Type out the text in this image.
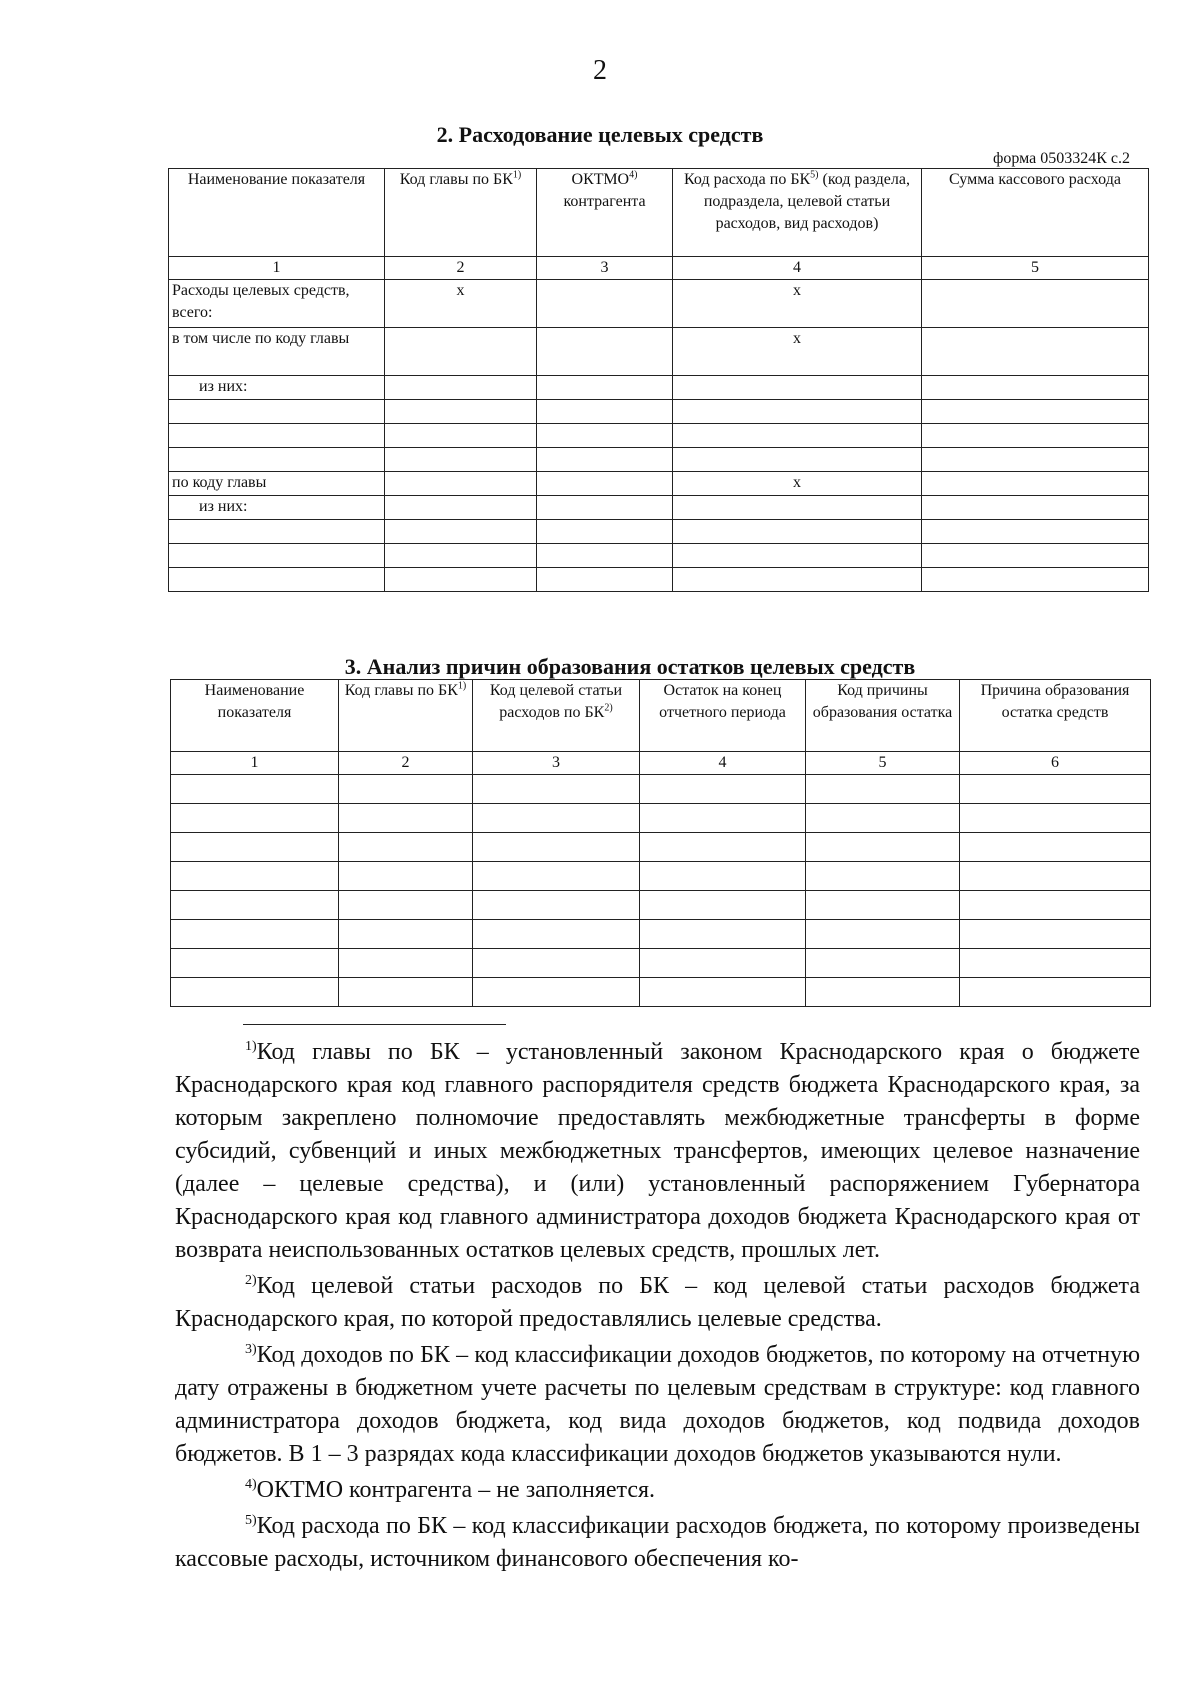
2
2. Расходование целевых средств
форма 0503324К с.2
Наименование показателя	Код главы по БК$^{1)}$	ОКТМО$^{4)}$ контрагента	Код расхода по БК$^{5)}$ (код раздела, подраздела, целевой статьи расходов, вид расходов)	Сумма кассового расхода
1	2	3	4	5
Расходы целевых средств, всего:	x		x	
в том числе по коду главы			x	
из них:				

по коду главы			x	
из них:				

3. Анализ причин образования остатков целевых средств
Наименование показателя	Код главы по БК$^{1)}$	Код целевой статьи расходов по БК$^{2)}$	Остаток на конец отчетного периода	Код причины образования остатка	Причина образования остатка средств
1	2	3	4	5	6

$^{1)}$Код главы по БК – установленный законом Краснодарского края о бюджете Краснодарского края код главного распорядителя средств бюджета Краснодарского края, за которым закреплено полномочие предоставлять межбюджетные трансферты в форме субсидий, субвенций и иных межбюджетных трансфертов, имеющих целевое назначение (далее – целевые средства), и (или) установленный распоряжением Губернатора Краснодарского края код главного администратора доходов бюджета Краснодарского края от возврата неиспользованных остатков целевых средств, прошлых лет.

$^{2)}$Код целевой статьи расходов по БК – код целевой статьи расходов бюджета Краснодарского края, по которой предоставлялись целевые средства.

$^{3)}$Код доходов по БК – код классификации доходов бюджетов, по которому на отчетную дату отражены в бюджетном учете расчеты по целевым средствам в структуре: код главного администратора доходов бюджета, код вида доходов бюджетов, код подвида доходов бюджетов. В 1 – 3 разрядах кода классификации доходов бюджетов указываются нули.

$^{4)}$ОКТМО контрагента – не заполняется.

$^{5)}$Код расхода по БК – код классификации расходов бюджета, по которому произведены кассовые расходы, источником финансового обеспечения ко-
